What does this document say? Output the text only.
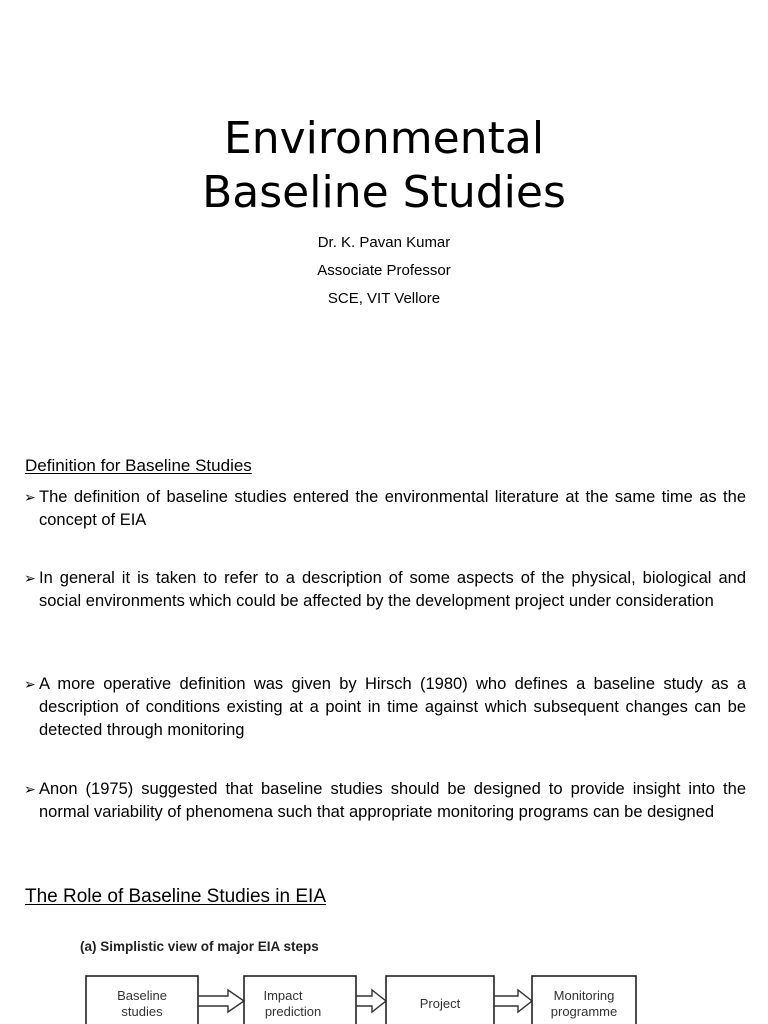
Environmental
Baseline Studies
Dr. K. Pavan Kumar
Associate Professor
SCE, VIT Vellore
Definition for Baseline Studies
➢ The definition of baseline studies entered the environmental literature at the same time as the concept of EIA
➢ In general it is taken to refer to a description of some aspects of the physical, biological and social environments which could be affected by the development project under consideration
➢ A more operative definition was given by Hirsch (1980) who defines a baseline study as a description of conditions existing at a point in time against which subsequent changes can be detected through monitoring
➢ Anon (1975) suggested that baseline studies should be designed to provide insight into the normal variability of phenomena such that appropriate monitoring programs can be designed
The Role of Baseline Studies in EIA
(a) Simplistic view of major EIA steps
Baseline
studies
Impact
prediction
Project
Monitoring
programme
